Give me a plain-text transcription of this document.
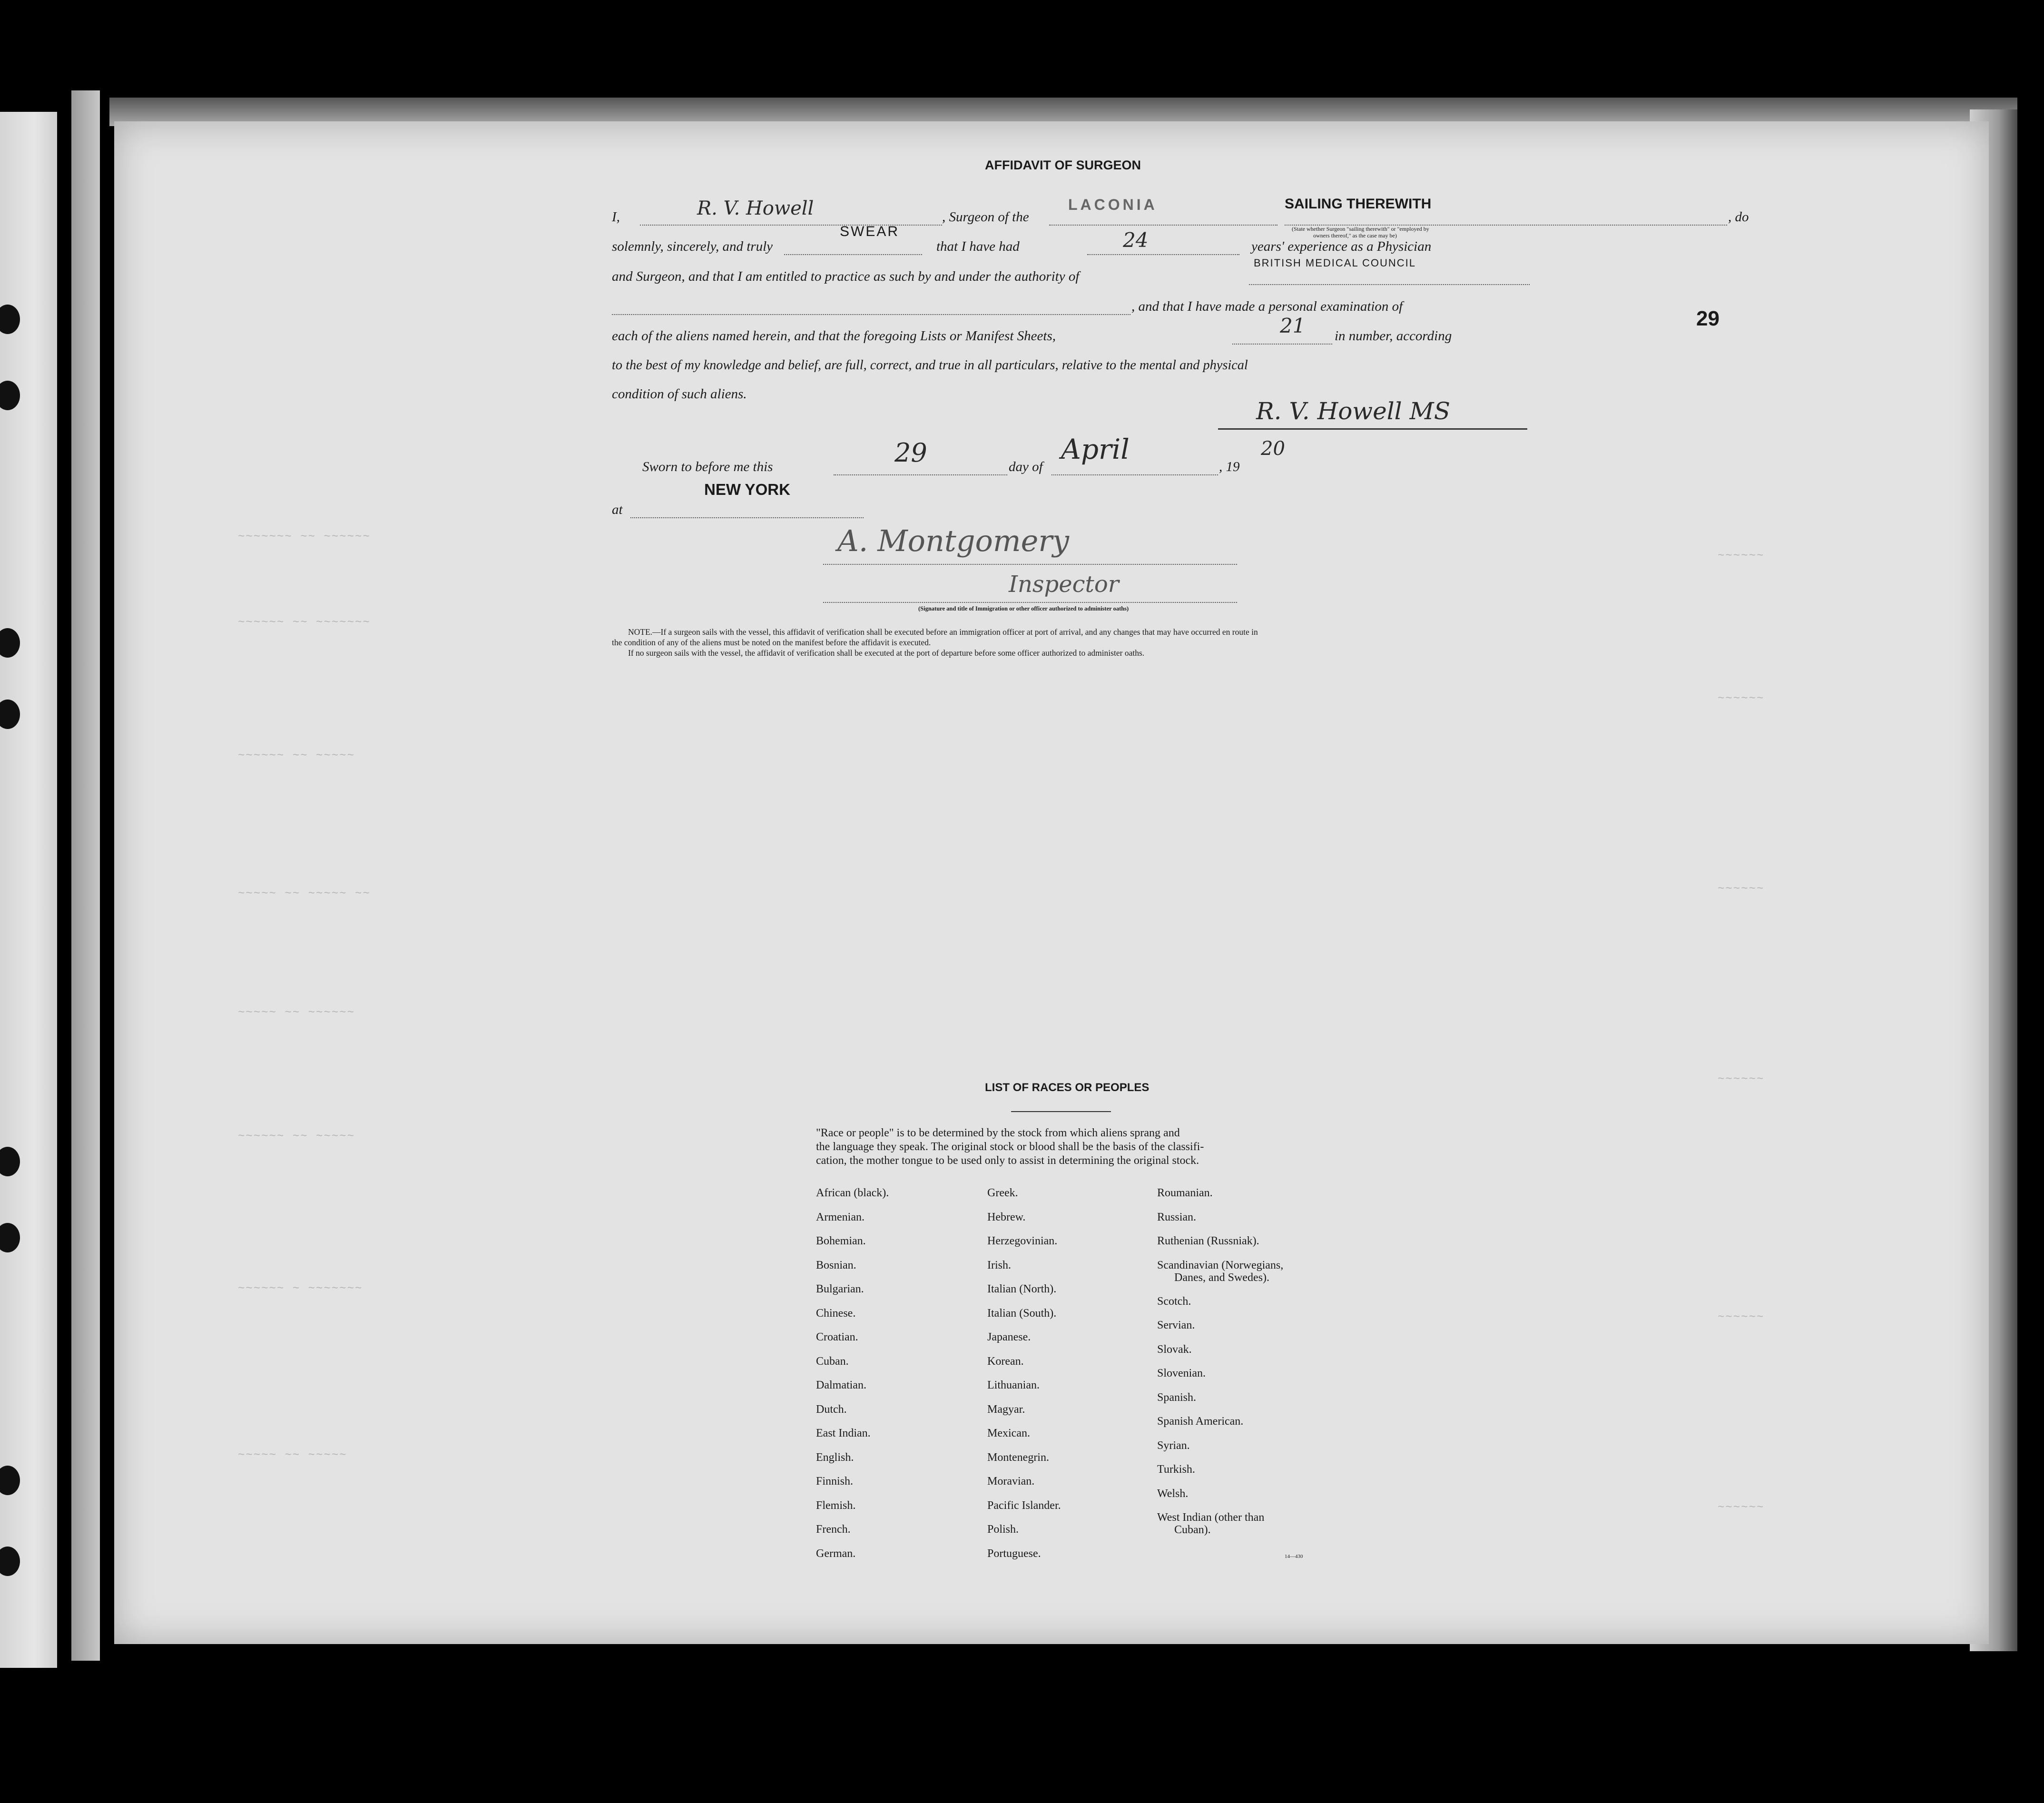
~~~~~~~ ~~ ~~~~~~
~~~~~~ ~~ ~~~~~~~
~~~~~~ ~~ ~~~~~
~~~~~ ~~ ~~~~~ ~~
~~~~~ ~~ ~~~~~~
~~~~~~ ~~ ~~~~~
~~~~~~ ~ ~~~~~~~
~~~~~ ~~ ~~~~~
~~~~~~
~~~~~~
~~~~~~
~~~~~~
~~~~~~
~~~~~~
AFFIDAVIT OF SURGEON
I,	R. V. Howell	, Surgeon of the
LACONIA	SAILING THEREWITH
, do
(State whether Surgeon "sailing therewith" or "employed by
owners thereof," as the case may be)
solemnly, sincerely, and truly
SWEAR
that I have had	24	years' experience as a Physician
and Surgeon, and that I am entitled to practice as such by and under the authority of
BRITISH MEDICAL COUNCIL
, and that I have made a personal examination of
each of the aliens named herein, and that the foregoing Lists or Manifest Sheets,	21 in number, according
to the best of my knowledge and belief, are full, correct, and true in all particulars, relative to the mental and physical
condition of such aliens.
R. V. Howell MS
Sworn to before me this	29	day of
April
, 19
20
NEW YORK
at
A. Montgomery
Inspector
(Signature and title of Immigration or other officer authorized to administer oaths)
NOTE.—If a surgeon sails with the vessel, this affidavit of verification shall be executed before an immigration officer at port of arrival, and any changes that may have occurred en route in
the condition of any of the aliens must be noted on the manifest before the affidavit is executed.
If no surgeon sails with the vessel, the affidavit of verification shall be executed at the port of departure before some officer authorized to administer oaths.
29
LIST OF RACES OR PEOPLES
"Race or people" is to be determined by the stock from which aliens sprang and
the language they speak. The original stock or blood shall be the basis of the classifi-
cation, the mother tongue to be used only to assist in determining the original stock.
African (black).
Armenian.
Bohemian.
Bosnian.
Bulgarian.
Chinese.
Croatian.
Cuban.
Dalmatian.
Dutch.
East Indian.
English.
Finnish.
Flemish.
French.
German.
Greek.
Hebrew.
Herzegovinian.
Irish.
Italian (North).
Italian (South).
Japanese.
Korean.
Lithuanian.
Magyar.
Mexican.
Montenegrin.
Moravian.
Pacific Islander.
Polish.
Portuguese.
Roumanian.
Russian.
Ruthenian (Russniak).
Scandinavian (Norwegians,
Danes, and Swedes).
Scotch.
Servian.
Slovak.
Slovenian.
Spanish.
Spanish American.
Syrian.
Turkish.
Welsh.
West Indian (other than
Cuban).
14—430
